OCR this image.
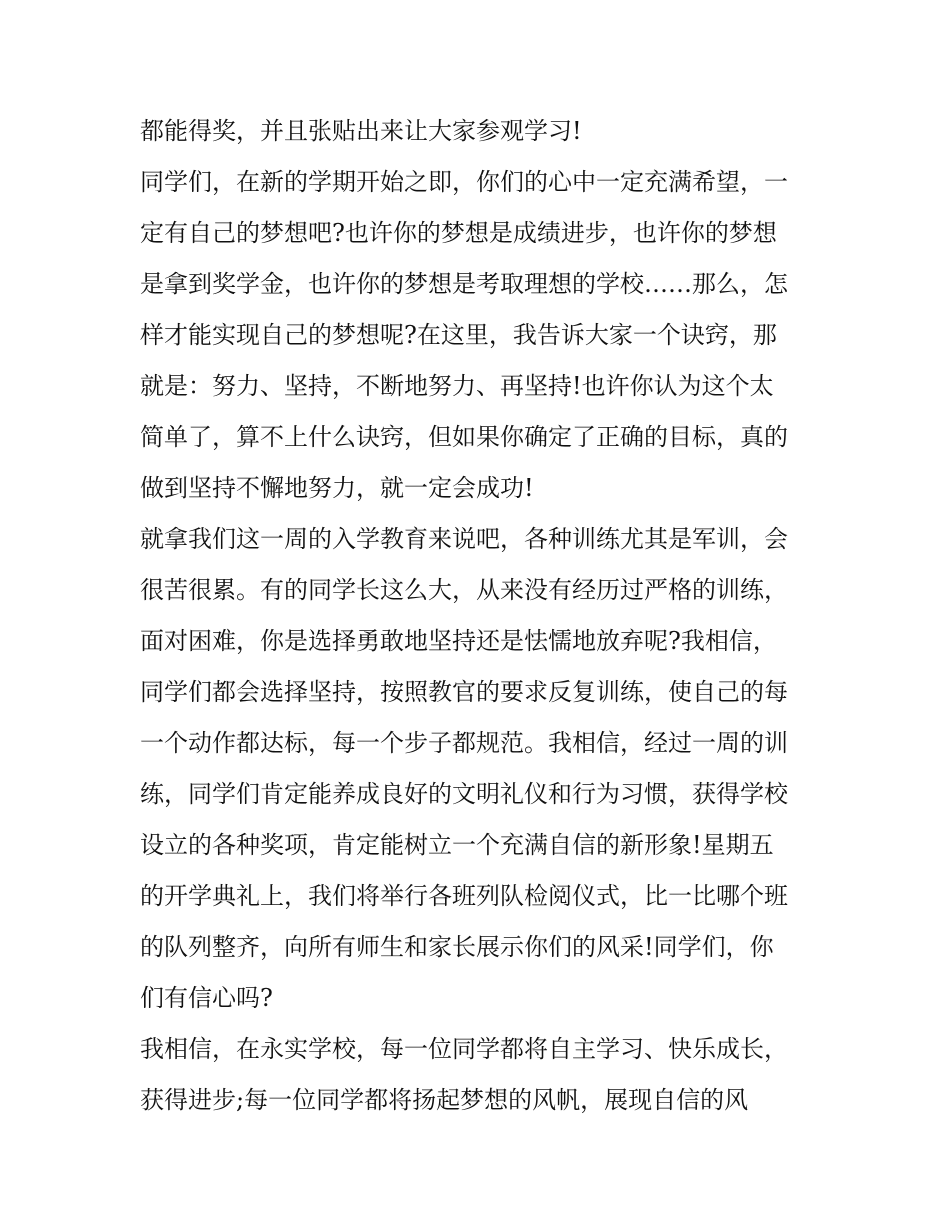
都能得奖，并且张贴出来让大家参观学习!
同学们，在新的学期开始之即，你们的心中一定充满希望，一
定有自己的梦想吧?也许你的梦想是成绩进步，也许你的梦想
是拿到奖学金，也许你的梦想是考取理想的学校……那么，怎
样才能实现自己的梦想呢?在这里，我告诉大家一个诀窍，那
就是：努力、坚持，不断地努力、再坚持!也许你认为这个太
简单了，算不上什么诀窍，但如果你确定了正确的目标，真的
做到坚持不懈地努力，就一定会成功!
就拿我们这一周的入学教育来说吧，各种训练尤其是军训，会
很苦很累。有的同学长这么大，从来没有经历过严格的训练，
面对困难，你是选择勇敢地坚持还是怯懦地放弃呢?我相信，
同学们都会选择坚持，按照教官的要求反复训练，使自己的每
一个动作都达标，每一个步子都规范。我相信，经过一周的训
练，同学们肯定能养成良好的文明礼仪和行为习惯，获得学校
设立的各种奖项，肯定能树立一个充满自信的新形象!星期五
的开学典礼上，我们将举行各班列队检阅仪式，比一比哪个班
的队列整齐，向所有师生和家长展示你们的风采!同学们，你
们有信心吗?
我相信，在永实学校，每一位同学都将自主学习、快乐成长，
获得进步;每一位同学都将扬起梦想的风帆，展现自信的风
